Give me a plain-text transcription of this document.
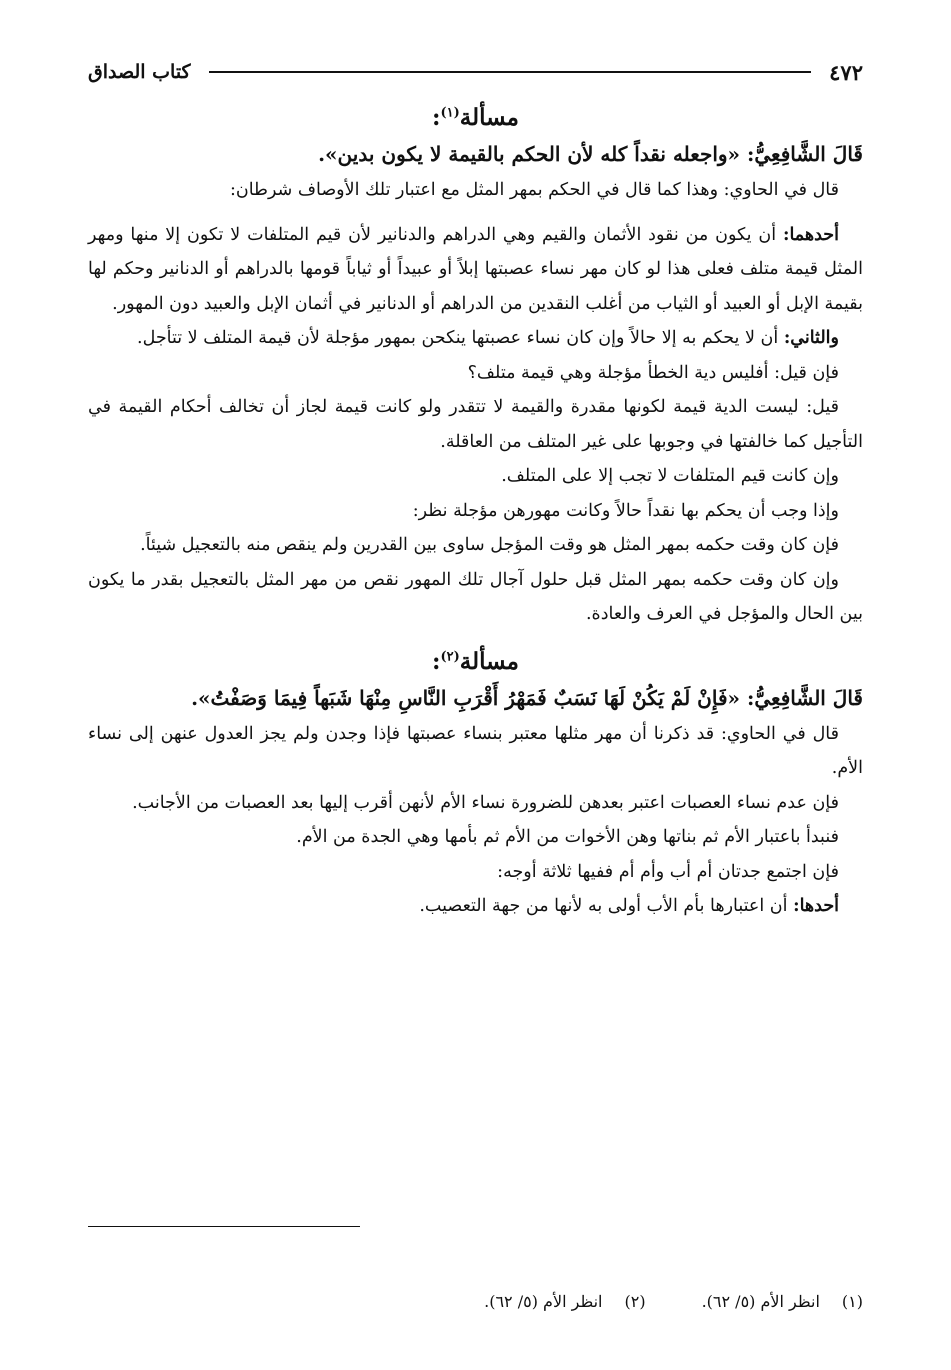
٤٧٢
كتاب الصداق
مسألة$^{(١)}$:
قَالَ الشَّافِعِيُّ: «واجعله نقداً كله لأن الحكم بالقيمة لا يكون بدين».

قال في الحاوي: وهذا كما قال في الحكم بمهر المثل مع اعتبار تلك الأوصاف شرطان:

أحدهما: أن يكون من نقود الأثمان والقيم وهي الدراهم والدنانير لأن قيم المتلفات لا تكون إلا منها ومهر المثل قيمة متلف فعلى هذا لو كان مهر نساء عصبتها إبلاً أو عبيداً أو ثياباً قومها بالدراهم أو الدنانير وحكم لها بقيمة الإبل أو العبيد أو الثياب من أغلب النقدين من الدراهم أو الدنانير في أثمان الإبل والعبيد دون المهور.

والثاني: أن لا يحكم به إلا حالاً وإن كان نساء عصبتها ينكحن بمهور مؤجلة لأن قيمة المتلف لا تتأجل.

فإن قيل: أفليس دية الخطأ مؤجلة وهي قيمة متلف؟

قيل: ليست الدية قيمة لكونها مقدرة والقيمة لا تتقدر ولو كانت قيمة لجاز أن تخالف أحكام القيمة في التأجيل كما خالفتها في وجوبها على غير المتلف من العاقلة.

وإن كانت قيم المتلفات لا تجب إلا على المتلف.

وإذا وجب أن يحكم بها نقداً حالاً وكانت مهورهن مؤجلة نظر:

فإن كان وقت حكمه بمهر المثل هو وقت المؤجل ساوى بين القدرين ولم ينقص منه بالتعجيل شيئاً.

وإن كان وقت حكمه بمهر المثل قبل حلول آجال تلك المهور نقص من مهر المثل بالتعجيل بقدر ما يكون بين الحال والمؤجل في العرف والعادة.

مسألة$^{(٢)}$:
قَالَ الشَّافِعِيُّ: «فَإِنْ لَمْ يَكُنْ لَهَا نَسَبٌ فَمَهْرُ أَقْرَبِ النَّاسِ مِنْهَا شَبَهاً فِيمَا وَصَفْتُ».

قال في الحاوي: قد ذكرنا أن مهر مثلها معتبر بنساء عصبتها فإذا وجدن ولم يجز العدول عنهن إلى نساء الأم.

فإن عدم نساء العصبات اعتبر بعدهن للضرورة نساء الأم لأنهن أقرب إليها بعد العصبات من الأجانب.

فنبدأ باعتبار الأم ثم بناتها وهن الأخوات من الأم ثم بأمها وهي الجدة من الأم.

فإن اجتمع جدتان أم أب وأم أم ففيها ثلاثة أوجه:

أحدها: أن اعتبارها بأم الأب أولى به لأنها من جهة التعصيب.

(١)
انظر الأم (٥/ ٦٢).
(٢)
انظر الأم (٥/ ٦٢).
